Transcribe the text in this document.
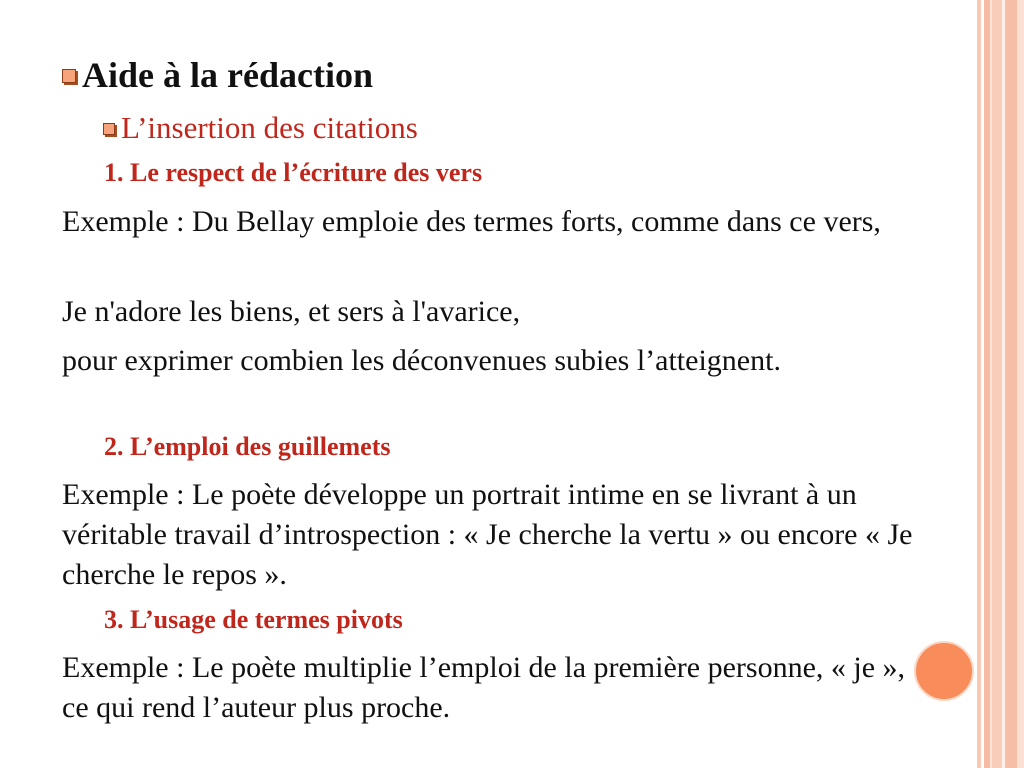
Aide à la rédaction
L’insertion des citations
1. Le respect de l’écriture des vers
Exemple : Du Bellay emploie des termes forts, comme dans ce vers,
Je n'adore les biens, et sers à l'avarice,
pour exprimer combien les déconvenues subies l’atteignent.
2. L’emploi des guillemets
Exemple : Le poète développe un portrait intime en se livrant à un véritable travail d’introspection : « Je cherche la vertu » ou encore « Je cherche le repos ».
3. L’usage de termes pivots
Exemple : Le poète multiplie l’emploi de la première personne, « je », ce qui rend l’auteur plus proche.
